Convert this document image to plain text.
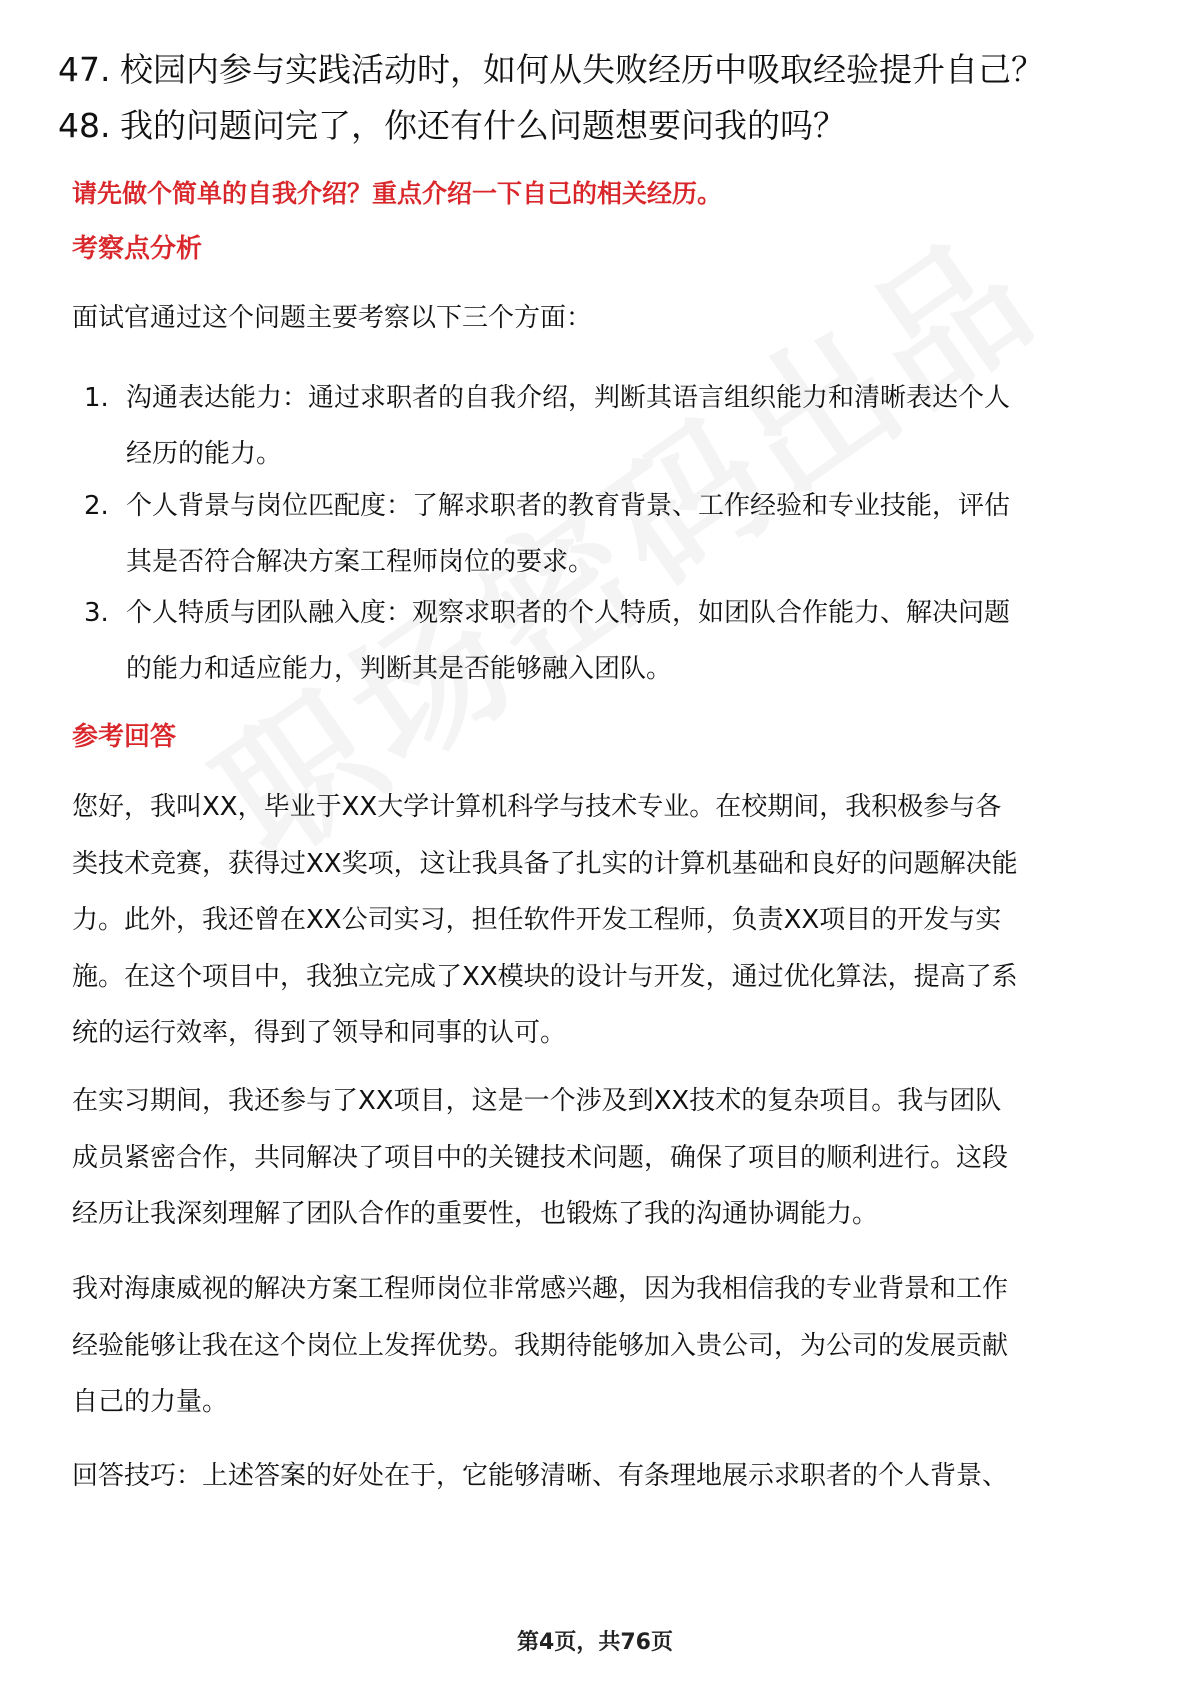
47. 校园内参与实践活动时，如何从失败经历中吸取经验提升自己？
48. 我的问题问完了，你还有什么问题想要问我的吗？
请先做个简单的自我介绍？重点介绍一下自己的相关经历。
考察点分析
面试官通过这个问题主要考察以下三个方面：
1. 沟通表达能力：通过求职者的自我介绍，判断其语言组织能力和清晰表达个人
经历的能力。
2. 个人背景与岗位匹配度：了解求职者的教育背景、工作经验和专业技能，评估
其是否符合解决方案工程师岗位的要求。
3. 个人特质与团队融入度：观察求职者的个人特质，如团队合作能力、解决问题
的能力和适应能力，判断其是否能够融入团队。
参考回答
您好，我叫XX，毕业于XX大学计算机科学与技术专业。在校期间，我积极参与各
类技术竞赛，获得过XX奖项，这让我具备了扎实的计算机基础和良好的问题解决能
力。此外，我还曾在XX公司实习，担任软件开发工程师，负责XX项目的开发与实
施。在这个项目中，我独立完成了XX模块的设计与开发，通过优化算法，提高了系
统的运行效率，得到了领导和同事的认可。
在实习期间，我还参与了XX项目，这是一个涉及到XX技术的复杂项目。我与团队
成员紧密合作，共同解决了项目中的关键技术问题，确保了项目的顺利进行。这段
经历让我深刻理解了团队合作的重要性，也锻炼了我的沟通协调能力。
我对海康威视的解决方案工程师岗位非常感兴趣，因为我相信我的专业背景和工作
经验能够让我在这个岗位上发挥优势。我期待能够加入贵公司，为公司的发展贡献
自己的力量。
回答技巧：上述答案的好处在于，它能够清晰、有条理地展示求职者的个人背景、
第4页，共76页
